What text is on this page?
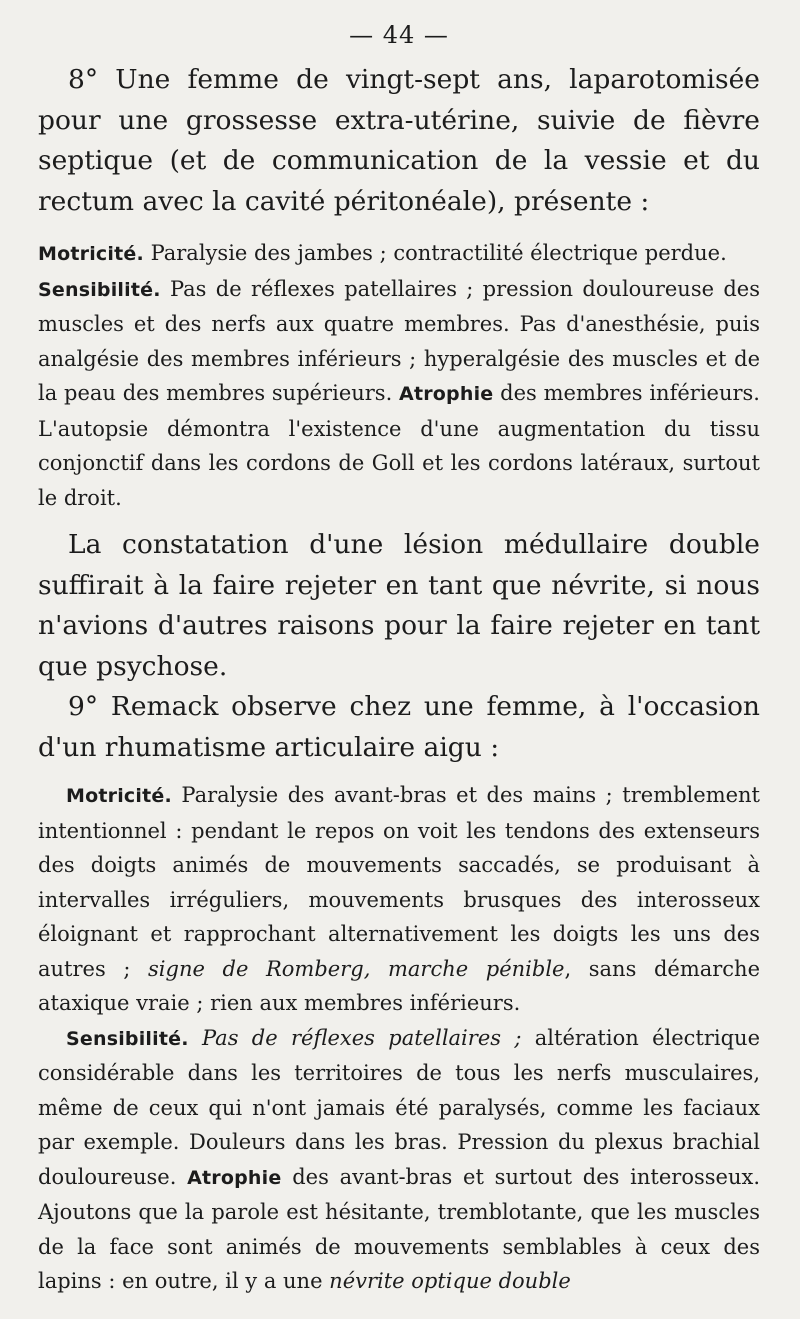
— 44 —

8° Une femme de vingt-sept ans, laparotomisée pour une grossesse extra-utérine, suivie de fièvre septique (et de communication de la vessie et du rectum avec la cavité péritonéale), présente :

Motricité. Paralysie des jambes ; contractilité électrique perdue.

Sensibilité. Pas de réflexes patellaires ; pression douloureuse des muscles et des nerfs aux quatre membres. Pas d'anesthésie, puis analgésie des membres inférieurs ; hyperalgésie des muscles et de la peau des membres supérieurs. Atrophie des membres inférieurs. L'autopsie démontra l'existence d'une augmentation du tissu conjonctif dans les cordons de Goll et les cordons latéraux, surtout le droit.

La constatation d'une lésion médullaire double suffirait à la faire rejeter en tant que névrite, si nous n'avions d'autres raisons pour la faire rejeter en tant que psychose.

9° Remack observe chez une femme, à l'occasion d'un rhumatisme articulaire aigu :

Motricité. Paralysie des avant-bras et des mains ; tremblement intentionnel : pendant le repos on voit les tendons des extenseurs des doigts animés de mouvements saccadés, se produisant à intervalles irréguliers, mouvements brusques des interosseux éloignant et rapprochant alternativement les doigts les uns des autres ; signe de Romberg, marche pénible, sans démarche ataxique vraie ; rien aux membres inférieurs.

Sensibilité. Pas de réflexes patellaires ; altération électrique considérable dans les territoires de tous les nerfs musculaires, même de ceux qui n'ont jamais été paralysés, comme les faciaux par exemple. Douleurs dans les bras. Pression du plexus brachial douloureuse. Atrophie des avant-bras et surtout des interosseux. Ajoutons que la parole est hésitante, tremblotante, que les muscles de la face sont animés de mouvements semblables à ceux des lapins : en outre, il y a une névrite optique double
